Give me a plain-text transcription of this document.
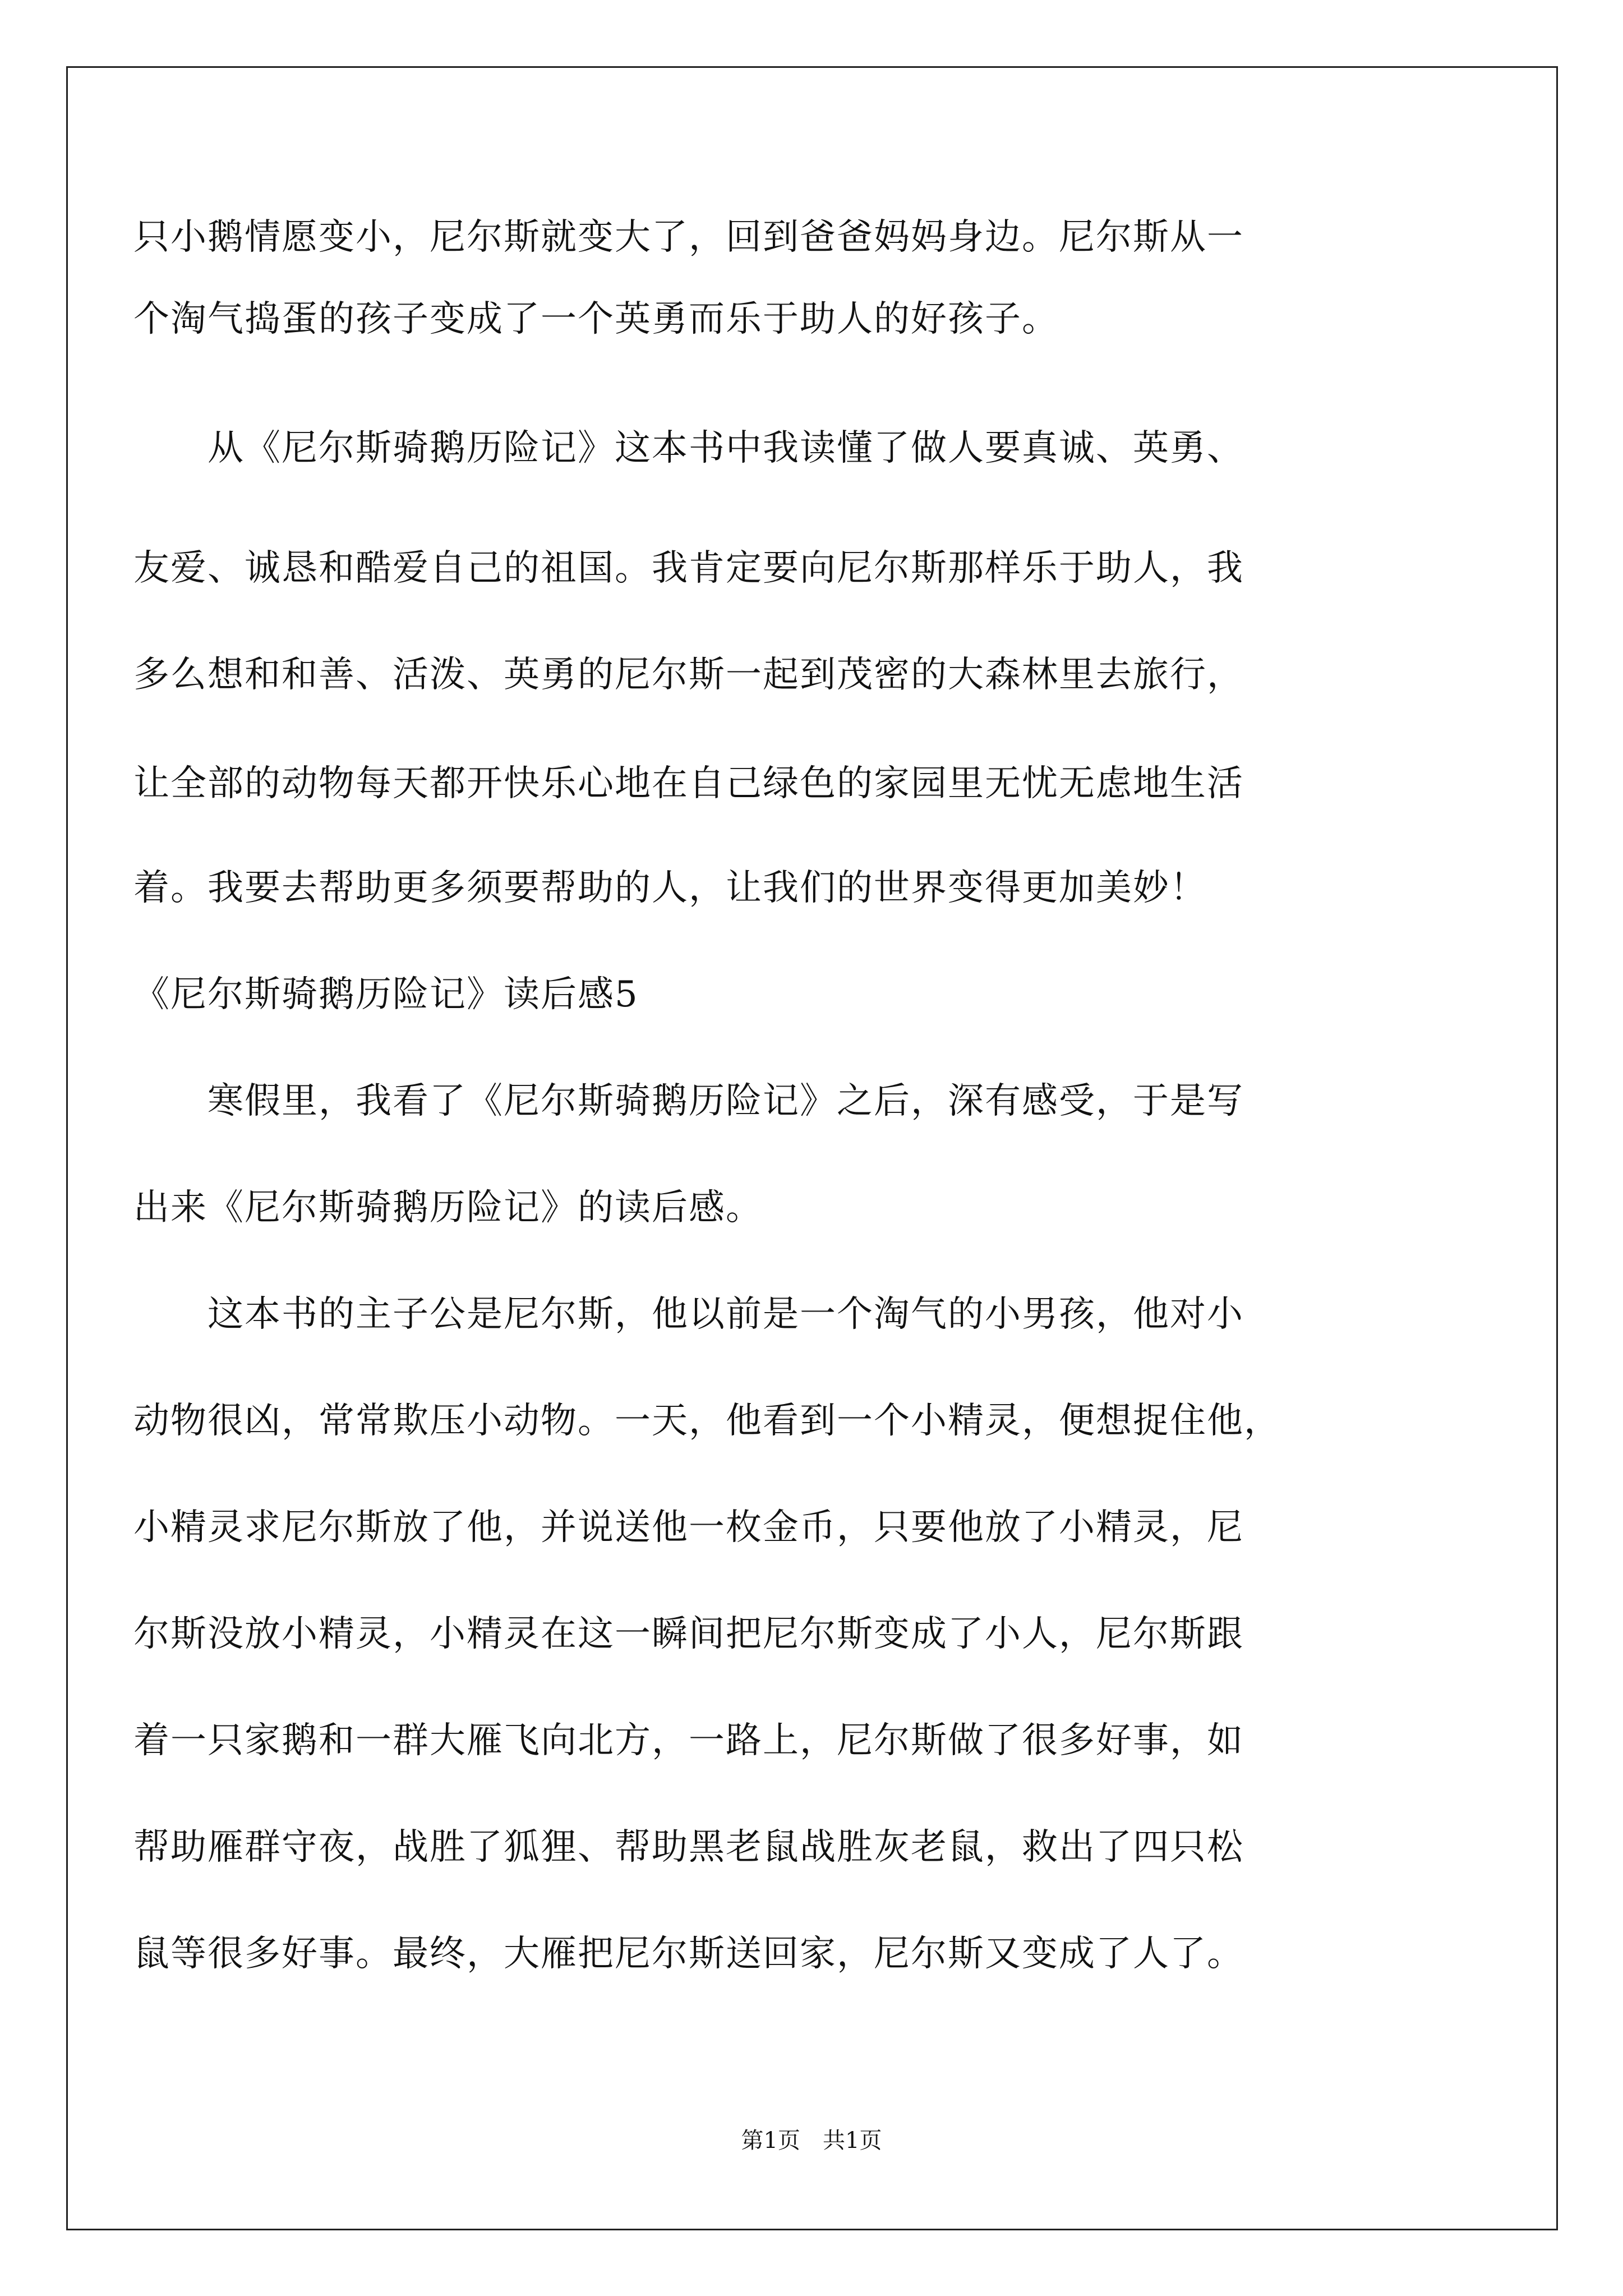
只小鹅情愿变小，尼尔斯就变大了，回到爸爸妈妈身边。尼尔斯从一
个淘气捣蛋的孩子变成了一个英勇而乐于助人的好孩子。
　　从《尼尔斯骑鹅历险记》这本书中我读懂了做人要真诚、英勇、
友爱、诚恳和酷爱自己的祖国。我肯定要向尼尔斯那样乐于助人，我
多么想和和善、活泼、英勇的尼尔斯一起到茂密的大森林里去旅行，
让全部的动物每天都开快乐心地在自己绿色的家园里无忧无虑地生活
着。我要去帮助更多须要帮助的人，让我们的世界变得更加美妙！
《尼尔斯骑鹅历险记》读后感5
　　寒假里，我看了《尼尔斯骑鹅历险记》之后，深有感受，于是写
出来《尼尔斯骑鹅历险记》的读后感。
　　这本书的主子公是尼尔斯，他以前是一个淘气的小男孩，他对小
动物很凶，常常欺压小动物。一天，他看到一个小精灵，便想捉住他，
小精灵求尼尔斯放了他，并说送他一枚金币，只要他放了小精灵，尼
尔斯没放小精灵，小精灵在这一瞬间把尼尔斯变成了小人，尼尔斯跟
着一只家鹅和一群大雁飞向北方，一路上，尼尔斯做了很多好事，如
帮助雁群守夜，战胜了狐狸、帮助黑老鼠战胜灰老鼠，救出了四只松
鼠等很多好事。最终，大雁把尼尔斯送回家，尼尔斯又变成了人了。
第1页　共1页
